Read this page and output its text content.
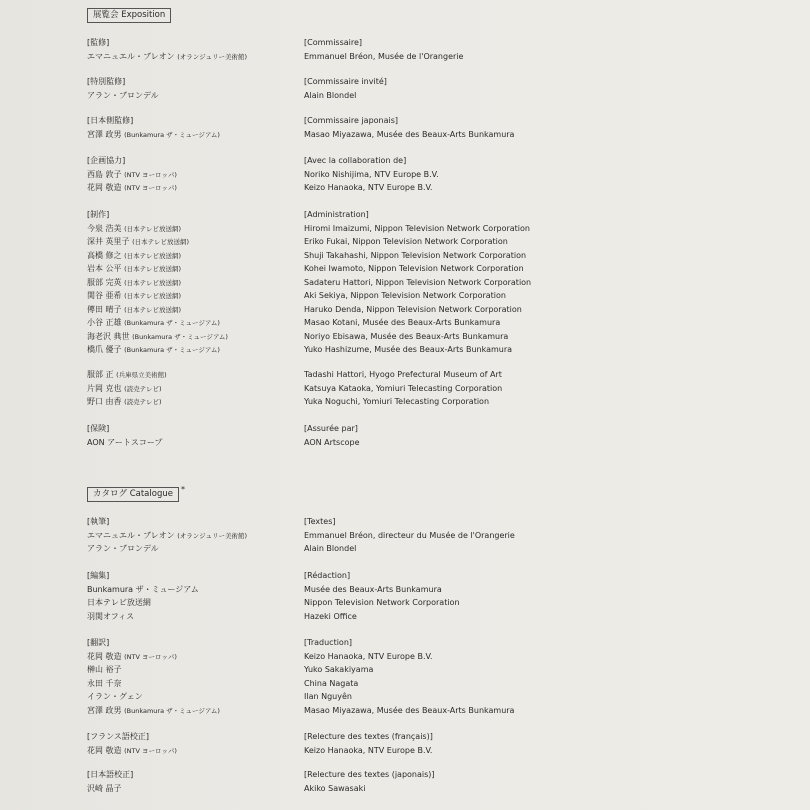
展覧会 Exposition
[監修]	[Commissaire]
エマニュエル・ブレオン (オランジュリー美術館)	Emmanuel Bréon, Musée de l'Orangerie
[特別監修]	[Commissaire invité]
アラン・ブロンデル	Alain Blondel
[日本側監修]	[Commissaire japonais]
宮澤 政男 (Bunkamura ザ・ミュージアム)	Masao Miyazawa, Musée des Beaux-Arts Bunkamura
[企画協力]	[Avec la collaboration de]
西島 敦子 (NTV ヨーロッパ)	Noriko Nishijima, NTV Europe B.V.
花岡 敬造 (NTV ヨーロッパ)	Keizo Hanaoka, NTV Europe B.V.
[制作]	[Administration]
今泉 浩美 (日本テレビ放送網)	Hiromi Imaizumi, Nippon Television Network Corporation
深井 英里子 (日本テレビ放送網)	Eriko Fukai, Nippon Television Network Corporation
高橋 修之 (日本テレビ放送網)	Shuji Takahashi, Nippon Television Network Corporation
岩本 公平 (日本テレビ放送網)	Kohei Iwamoto, Nippon Television Network Corporation
服部 完英 (日本テレビ放送網)	Sadateru Hattori, Nippon Television Network Corporation
関谷 亜希 (日本テレビ放送網)	Aki Sekiya, Nippon Television Network Corporation
傳田 晴子 (日本テレビ放送網)	Haruko Denda, Nippon Television Network Corporation
小谷 正雄 (Bunkamura ザ・ミュージアム)	Masao Kotani, Musée des Beaux-Arts Bunkamura
海老沢 典世 (Bunkamura ザ・ミュージアム)	Noriyo Ebisawa, Musée des Beaux-Arts Bunkamura
橋爪 優子 (Bunkamura ザ・ミュージアム)	Yuko Hashizume, Musée des Beaux-Arts Bunkamura
服部 正 (兵庫県立美術館)	Tadashi Hattori, Hyogo Prefectural Museum of Art
片岡 克也 (読売テレビ)	Katsuya Kataoka, Yomiuri Telecasting Corporation
野口 由香 (読売テレビ)	Yuka Noguchi, Yomiuri Telecasting Corporation
[保険]	[Assurée par]
AON アートスコープ	AON Artscope
カタログ Catalogue *
[執筆]	[Textes]
エマニュエル・ブレオン (オランジュリー美術館)	Emmanuel Bréon, directeur du Musée de l'Orangerie
アラン・ブロンデル	Alain Blondel
[編集]	[Rédaction]
Bunkamura ザ・ミュージアム	Musée des Beaux-Arts Bunkamura
日本テレビ放送網	Nippon Television Network Corporation
羽関オフィス	Hazeki Office
[翻訳]	[Traduction]
花岡 敬造 (NTV ヨーロッパ)	Keizo Hanaoka, NTV Europe B.V.
榊山 裕子	Yuko Sakakiyama
永田 千奈	China Nagata
イラン・グェン	Ilan Nguyên
宮澤 政男 (Bunkamura ザ・ミュージアム)	Masao Miyazawa, Musée des Beaux-Arts Bunkamura
[フランス語校正]	[Relecture des textes (français)]
花岡 敬造 (NTV ヨーロッパ)	Keizo Hanaoka, NTV Europe B.V.
[日本語校正]	[Relecture des textes (japonais)]
沢崎 晶子	Akiko Sawasaki
